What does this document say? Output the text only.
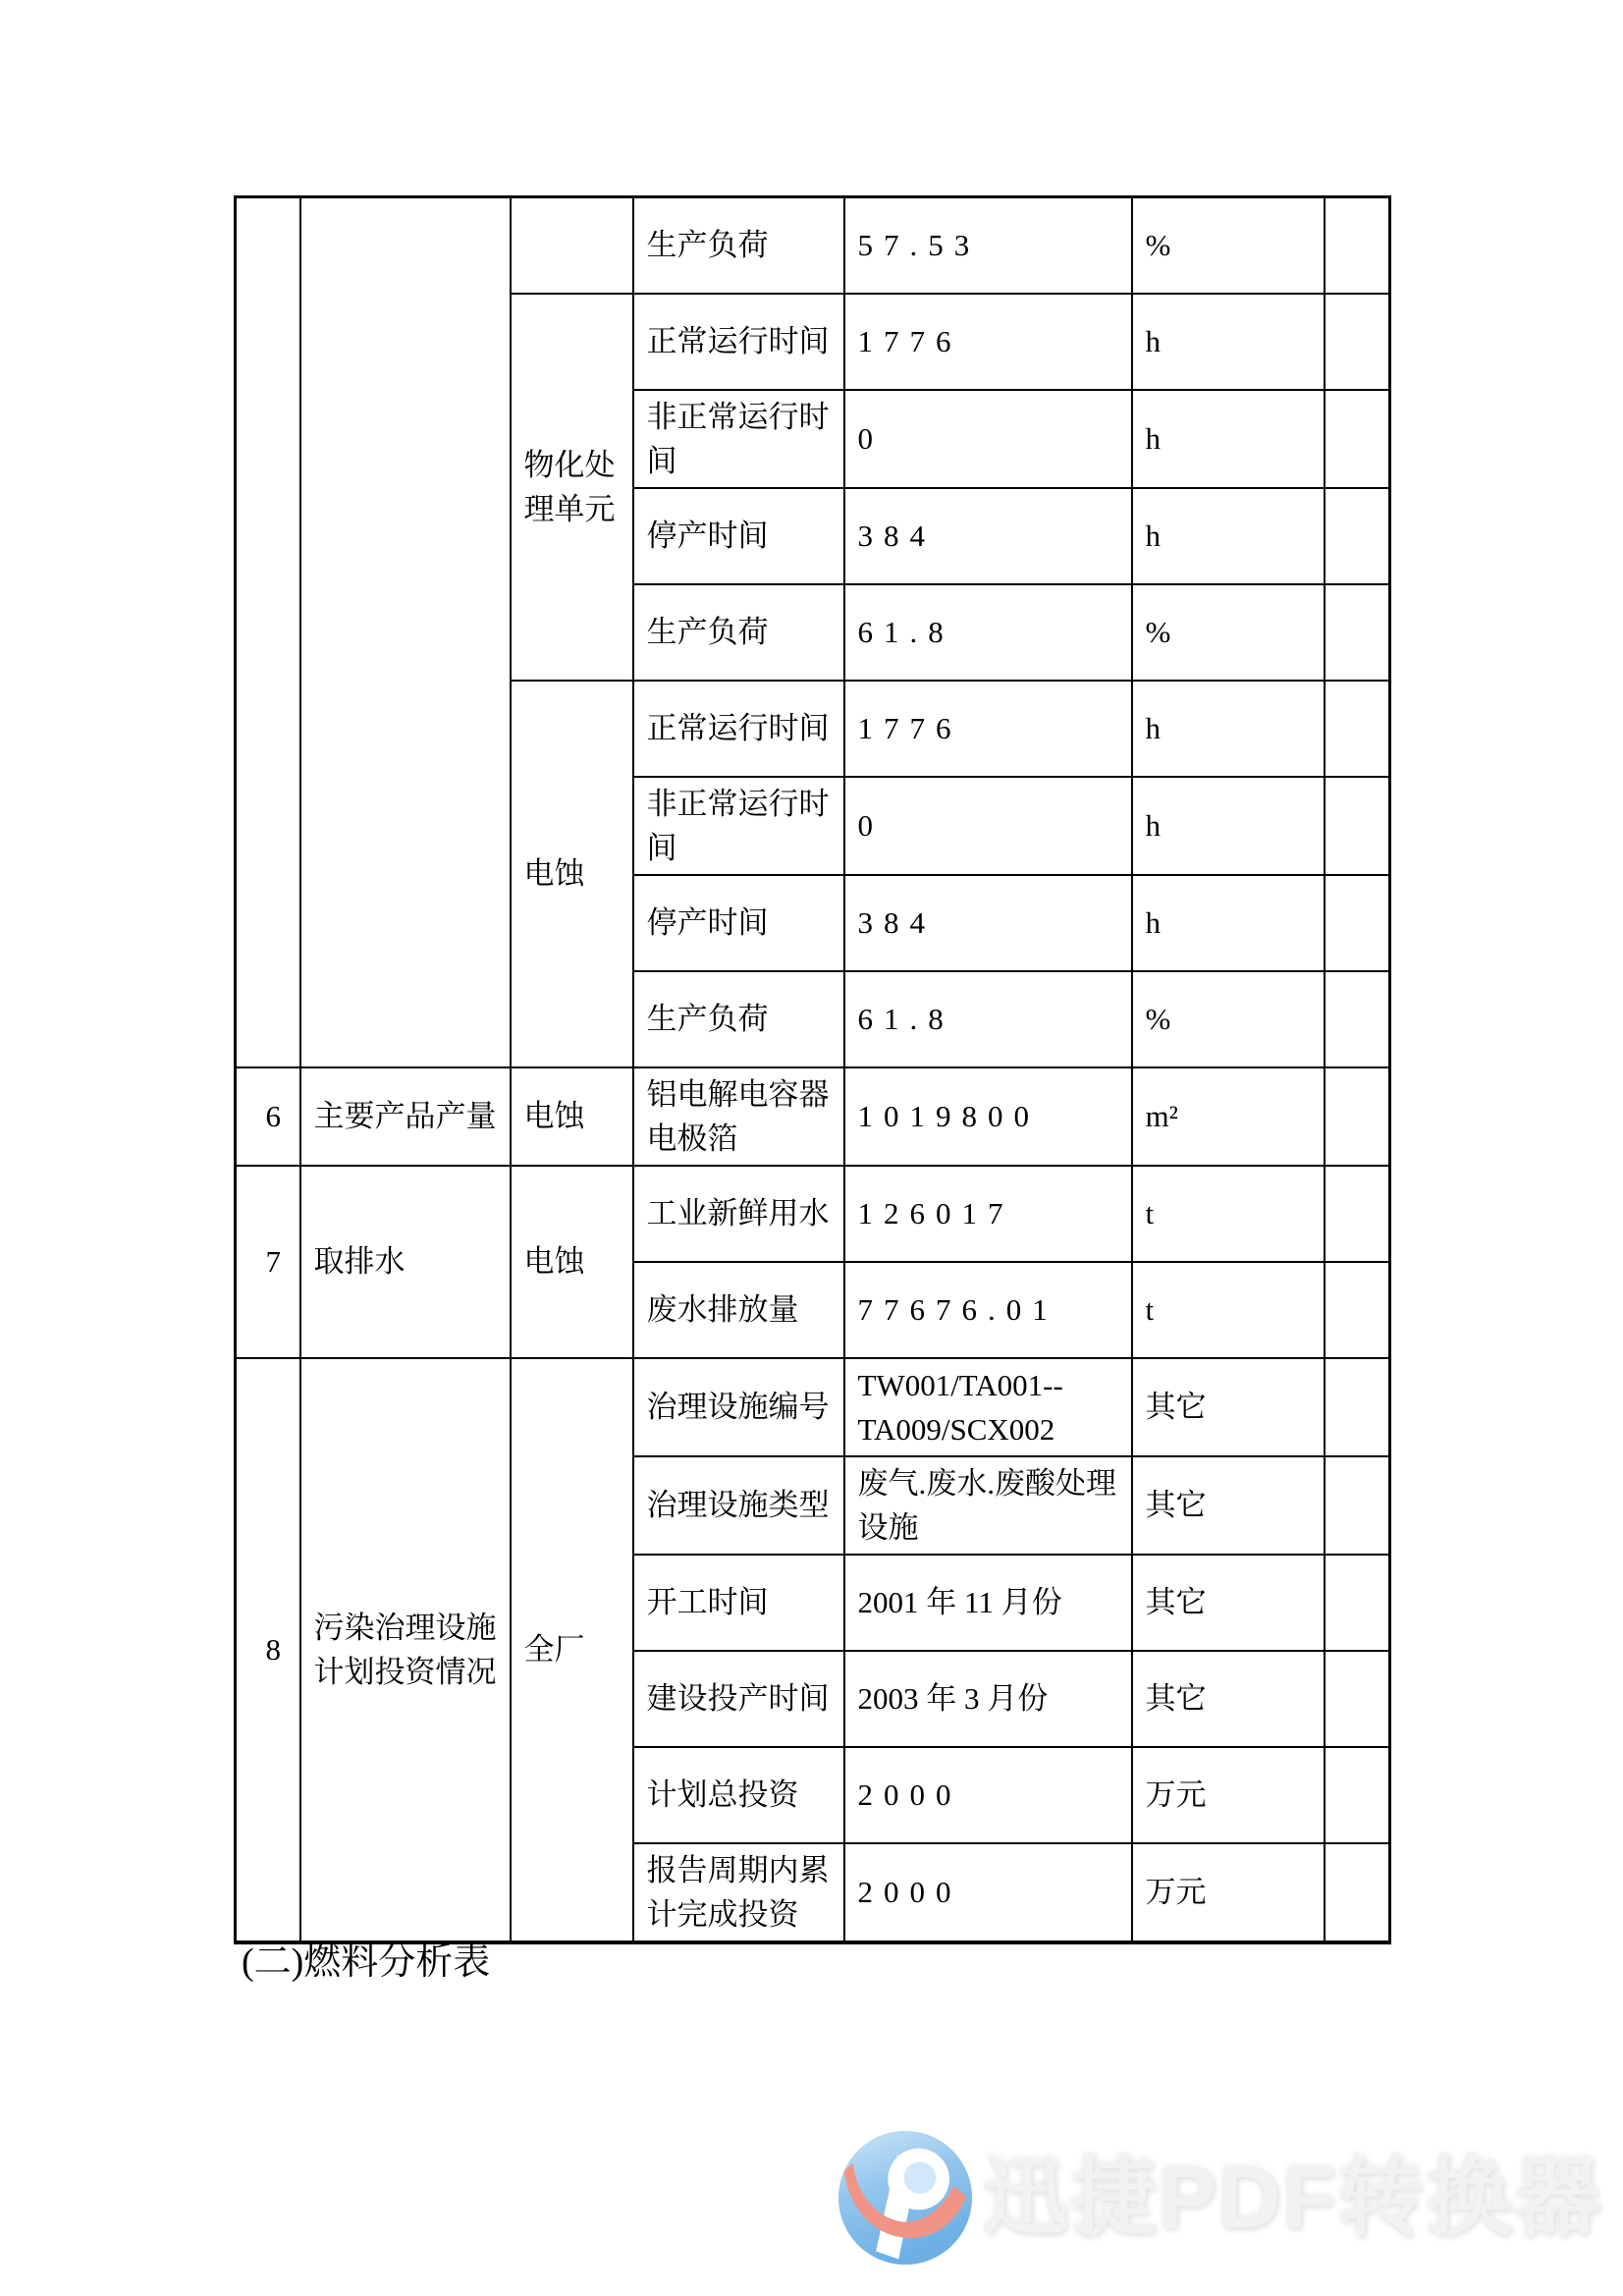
			生产负荷	57.53	%	
		物化处理单元	正常运行时间	1776	h	
			非正常运行时间	0	h	
			停产时间	384	h	
			生产负荷	61.8	%	
		电蚀	正常运行时间	1776	h	
			非正常运行时间	0	h	
			停产时间	384	h	
			生产负荷	61.8	%	
6	主要产品产量	电蚀	铝电解电容器电极箔	1019800	m²	
7	取排水	电蚀	工业新鲜用水	126017	t	
			废水排放量	77676.01	t	
8	污染治理设施计划投资情况	全厂	治理设施编号	TW001/TA001--TA009/SCX002	其它	
			治理设施类型	废气.废水.废酸处理设施	其它	
			开工时间	2001 年 11 月份	其它	
			建设投产时间	2003 年 3 月份	其它	
			计划总投资	2000	万元	
			报告周期内累计完成投资	2000	万元	
(二)燃料分析表
迅捷PDF转换器
